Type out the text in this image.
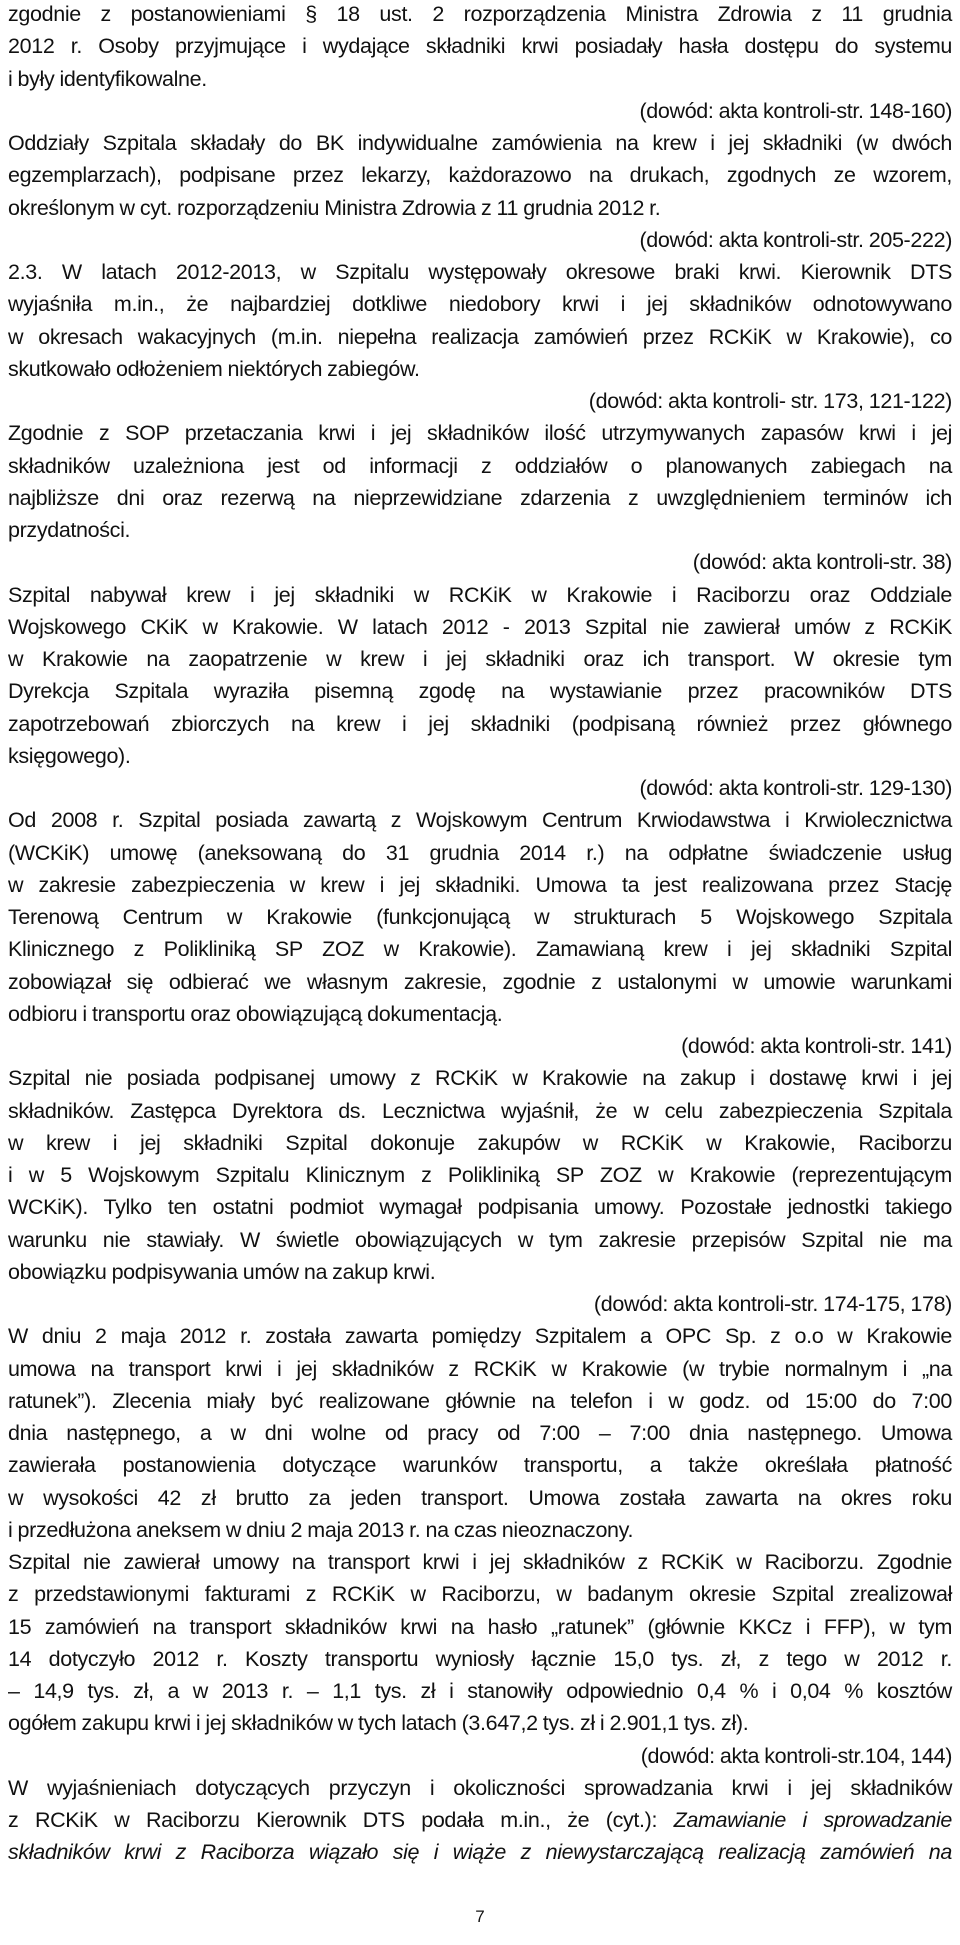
zgodnie z postanowieniami § 18 ust. 2 rozporządzenia Ministra Zdrowia z 11 grudnia
2012 r. Osoby przyjmujące i wydające składniki krwi posiadały hasła dostępu do systemu
i były identyfikowalne.
(dowód: akta kontroli-str. 148-160)
Oddziały Szpitala składały do BK indywidualne zamówienia na krew i jej składniki (w dwóch
egzemplarzach), podpisane przez lekarzy, każdorazowo na drukach, zgodnych ze wzorem,
określonym w cyt. rozporządzeniu Ministra Zdrowia z 11 grudnia 2012 r.
(dowód: akta kontroli-str. 205-222)
2.3. W latach 2012-2013, w Szpitalu występowały okresowe braki krwi. Kierownik DTS
wyjaśniła m.in., że najbardziej dotkliwe niedobory krwi i jej składników odnotowywano
w okresach wakacyjnych (m.in. niepełna realizacja zamówień przez RCKiK w Krakowie), co
skutkowało odłożeniem niektórych zabiegów.
(dowód: akta kontroli- str. 173, 121-122)
Zgodnie z SOP przetaczania krwi i jej składników ilość utrzymywanych zapasów krwi i jej
składników uzależniona jest od informacji z oddziałów o planowanych zabiegach na
najbliższe dni oraz rezerwą na nieprzewidziane zdarzenia z uwzględnieniem terminów ich
przydatności.
(dowód: akta kontroli-str. 38)
Szpital nabywał krew i jej składniki w RCKiK w Krakowie i Raciborzu oraz Oddziale
Wojskowego CKiK w Krakowie. W latach 2012 - 2013 Szpital nie zawierał umów z RCKiK
w Krakowie na zaopatrzenie w krew i jej składniki oraz ich transport. W okresie tym
Dyrekcja Szpitala wyraziła pisemną zgodę na wystawianie przez pracowników DTS
zapotrzebowań zbiorczych na krew i jej składniki (podpisaną również przez głównego
księgowego).
(dowód: akta kontroli-str. 129-130)
Od 2008 r. Szpital posiada zawartą z Wojskowym Centrum Krwiodawstwa i Krwiolecznictwa
(WCKiK) umowę (aneksowaną do 31 grudnia 2014 r.) na odpłatne świadczenie usług
w zakresie zabezpieczenia w krew i jej składniki. Umowa ta jest realizowana przez Stację
Terenową Centrum w Krakowie (funkcjonującą w strukturach 5 Wojskowego Szpitala
Klinicznego z Polikliniką SP ZOZ w Krakowie). Zamawianą krew i jej składniki Szpital
zobowiązał się odbierać we własnym zakresie, zgodnie z ustalonymi w umowie warunkami
odbioru i transportu oraz obowiązującą dokumentacją.
(dowód: akta kontroli-str. 141)
Szpital nie posiada podpisanej umowy z RCKiK w Krakowie na zakup i dostawę krwi i jej
składników. Zastępca Dyrektora ds. Lecznictwa wyjaśnił, że w celu zabezpieczenia Szpitala
w krew i jej składniki Szpital dokonuje zakupów w RCKiK w Krakowie, Raciborzu
i w 5 Wojskowym Szpitalu Klinicznym z Polikliniką SP ZOZ w Krakowie (reprezentującym
WCKiK). Tylko ten ostatni podmiot wymagał podpisania umowy. Pozostałe jednostki takiego
warunku nie stawiały. W świetle obowiązujących w tym zakresie przepisów Szpital nie ma
obowiązku podpisywania umów na zakup krwi.
(dowód: akta kontroli-str. 174-175, 178)
W dniu 2 maja 2012 r. została zawarta pomiędzy Szpitalem a OPC Sp. z o.o w Krakowie
umowa na transport krwi i jej składników z RCKiK w Krakowie (w trybie normalnym i „na
ratunek”). Zlecenia miały być realizowane głównie na telefon i w godz. od 15:00 do 7:00
dnia następnego, a w dni wolne od pracy od 7:00 – 7:00 dnia następnego. Umowa
zawierała postanowienia dotyczące warunków transportu, a także określała płatność
w wysokości 42 zł brutto za jeden transport. Umowa została zawarta na okres roku
i przedłużona aneksem w dniu 2 maja 2013 r. na czas nieoznaczony.
Szpital nie zawierał umowy na transport krwi i jej składników z RCKiK w Raciborzu. Zgodnie
z przedstawionymi fakturami z RCKiK w Raciborzu, w badanym okresie Szpital zrealizował
15 zamówień na transport składników krwi na hasło „ratunek” (głównie KKCz i FFP), w tym
14 dotyczyło 2012 r. Koszty transportu wyniosły łącznie 15,0 tys. zł, z tego w 2012 r.
– 14,9 tys. zł, a w 2013 r. – 1,1 tys. zł i stanowiły odpowiednio 0,4 % i 0,04 % kosztów
ogółem zakupu krwi i jej składników w tych latach (3.647,2 tys. zł i 2.901,1 tys. zł).
(dowód: akta kontroli-str.104, 144)
W wyjaśnieniach dotyczących przyczyn i okoliczności sprowadzania krwi i jej składników
z RCKiK w Raciborzu Kierownik DTS podała m.in., że (cyt.): Zamawianie i sprowadzanie
składników krwi z Raciborza wiązało się i wiąże z niewystarczającą realizacją zamówień na
7
